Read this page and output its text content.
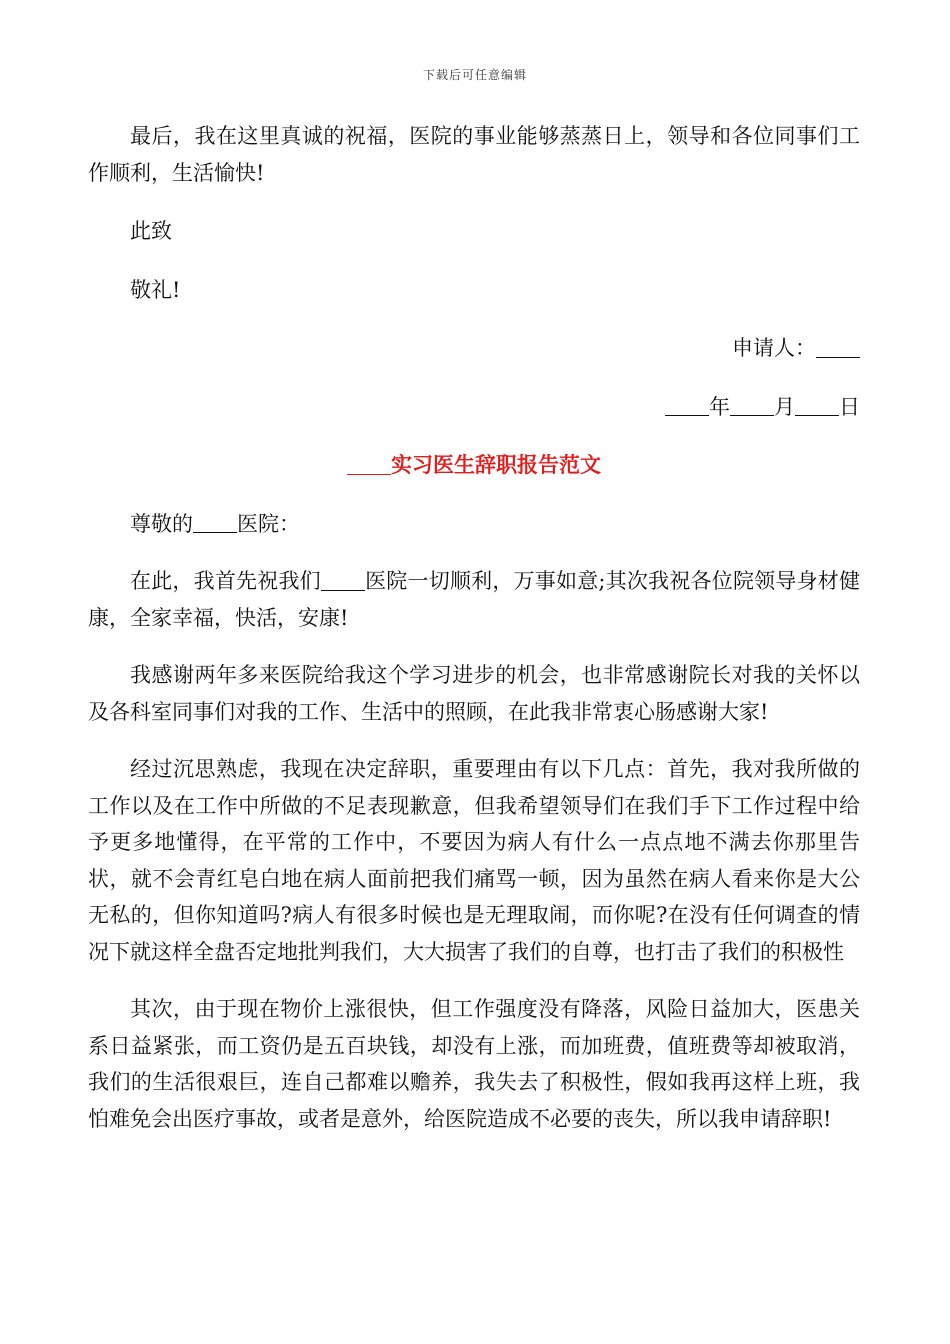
下载后可任意编辑

最后，我在这里真诚的祝福，医院的事业能够蒸蒸日上，领导和各位同事们工作顺利，生活愉快!

此致

敬礼!

申请人：

年 月 日

实习医生辞职报告范文

尊敬的 医院：

在此，我首先祝我们 医院一切顺利，万事如意;其次我祝各位院领导身材健康，全家幸福，快活，安康!

我感谢两年多来医院给我这个学习进步的机会，也非常感谢院长对我的关怀以及各科室同事们对我的工作、生活中的照顾，在此我非常衷心肠感谢大家!

经过沉思熟虑，我现在决定辞职，重要理由有以下几点：首先，我对我所做的工作以及在工作中所做的不足表现歉意，但我希望领导们在我们手下工作过程中给予更多地懂得，在平常的工作中，不要因为病人有什么一点点地不满去你那里告状，就不会青红皂白地在病人面前把我们痛骂一顿，因为虽然在病人看来你是大公无私的，但你知道吗?病人有很多时候也是无理取闹，而你呢?在没有任何调查的情况下就这样全盘否定地批判我们，大大损害了我们的自尊，也打击了我们的积极性

其次，由于现在物价上涨很快，但工作强度没有降落，风险日益加大，医患关系日益紧张，而工资仍是五百块钱，却没有上涨，而加班费，值班费等却被取消，我们的生活很艰巨，连自己都难以赡养，我失去了积极性，假如我再这样上班，我怕难免会出医疗事故，或者是意外，给医院造成不必要的丧失，所以我申请辞职!
